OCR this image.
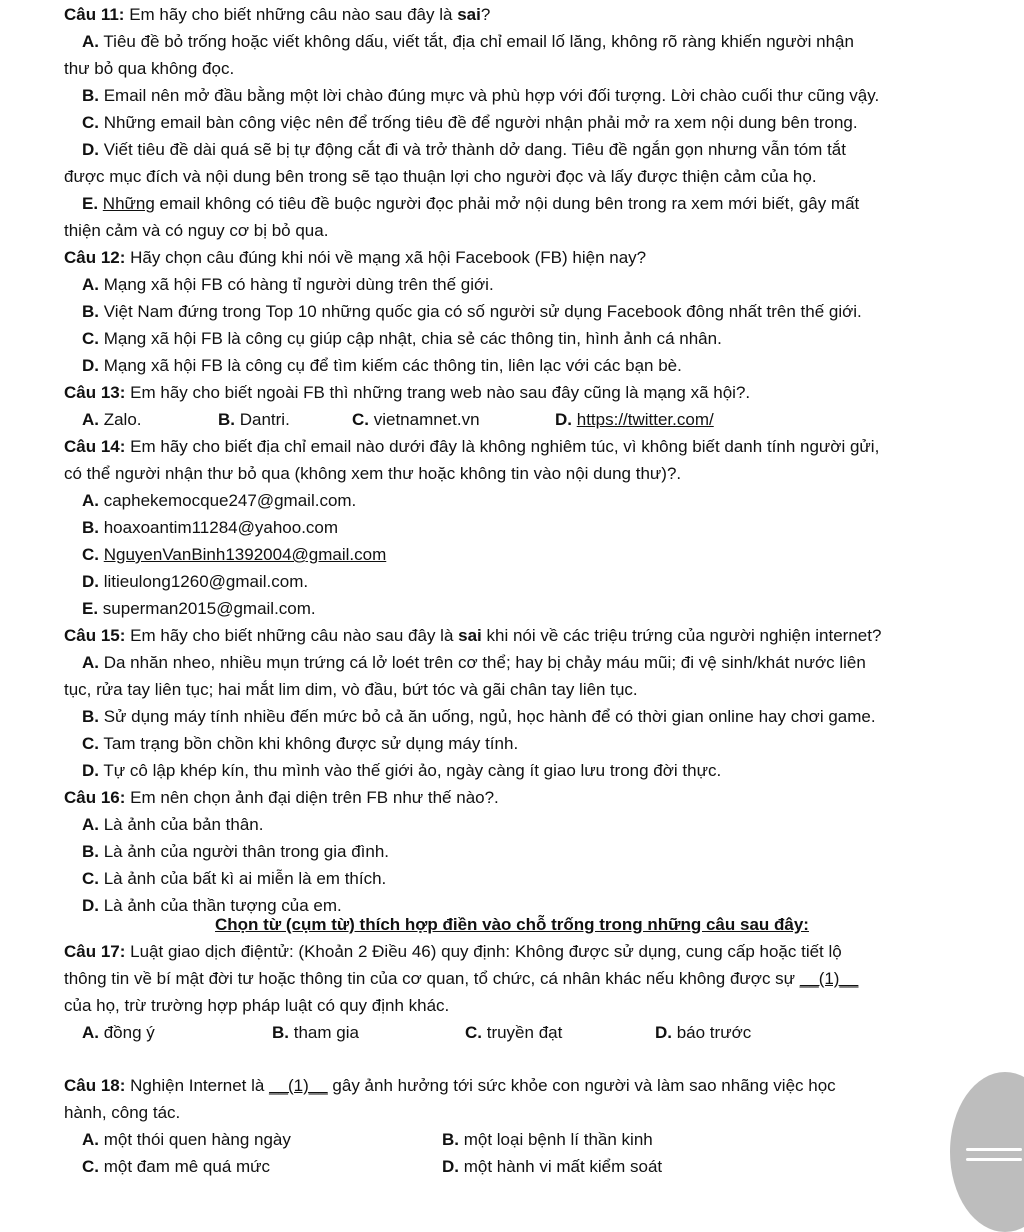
Câu 11: Em hãy cho biết những câu nào sau đây là sai?
A. Tiêu đề bỏ trống hoặc viết không dấu, viết tắt, địa chỉ email lố lăng, không rõ ràng khiến người nhận
thư bỏ qua không đọc.
B. Email nên mở đầu bằng một lời chào đúng mực và phù hợp với đối tượng. Lời chào cuối thư cũng vậy.
C. Những email bàn công việc nên để trống tiêu đề để người nhận phải mở ra xem nội dung bên trong.
D. Viết tiêu đề dài quá sẽ bị tự động cắt đi và trở thành dở dang. Tiêu đề ngắn gọn nhưng vẫn tóm tắt
được mục đích và nội dung bên trong sẽ tạo thuận lợi cho người đọc và lấy được thiện cảm của họ.
E. Những email không có tiêu đề buộc người đọc phải mở nội dung bên trong ra xem mới biết, gây mất
thiện cảm và có nguy cơ bị bỏ qua.
Câu 12: Hãy chọn câu đúng khi nói về mạng xã hội Facebook (FB) hiện nay?
A. Mạng xã hội FB có hàng tỉ người dùng trên thế giới.
B. Việt Nam đứng trong Top 10 những quốc gia có số người sử dụng Facebook đông nhất trên thế giới.
C. Mạng xã hội FB là công cụ giúp cập nhật, chia sẻ các thông tin, hình ảnh cá nhân.
D. Mạng xã hội FB là công cụ để tìm kiếm các thông tin, liên lạc với các bạn bè.
Câu 13: Em hãy cho biết ngoài FB thì những trang web nào sau đây cũng là mạng xã hội?.
A. Zalo.	B. Dantri.	C. vietnamnet.vn	D. https://twitter.com/
Câu 14: Em hãy cho biết địa chỉ email nào dưới đây là không nghiêm túc, vì không biết danh tính người gửi,
có thể người nhận thư bỏ qua (không xem thư hoặc không tin vào nội dung thư)?.
A. caphekemocque247@gmail.com.
B. hoaxoantim11284@yahoo.com
C. NguyenVanBinh1392004@gmail.com
D. litieulong1260@gmail.com.
E. superman2015@gmail.com.
Câu 15: Em hãy cho biết những câu nào sau đây là sai khi nói về các triệu trứng của người nghiện internet?
A. Da nhăn nheo, nhiều mụn trứng cá lở loét trên cơ thể; hay bị chảy máu mũi; đi vệ sinh/khát nước liên
tục, rửa tay liên tục; hai mắt lim dim, vò đầu, bứt tóc và gãi chân tay liên tục.
B. Sử dụng máy tính nhiều đến mức bỏ cả ăn uống, ngủ, học hành để có thời gian online hay chơi game.
C. Tam trạng bồn chồn khi không được sử dụng máy tính.
D. Tự cô lập khép kín, thu mình vào thế giới ảo, ngày càng ít giao lưu trong đời thực.
Câu 16: Em nên chọn ảnh đại diện trên FB như thế nào?.
A. Là ảnh của bản thân.
B. Là ảnh của người thân trong gia đình.
C. Là ảnh của bất kì ai miễn là em thích.
D. Là ảnh của thần tượng của em.
Chọn từ (cụm từ) thích hợp điền vào chỗ trống trong những câu sau đây:
Câu 17: Luật giao dịch điệntử: (Khoản 2 Điều 46) quy định: Không được sử dụng, cung cấp hoặc tiết lộ
thông tin về bí mật đời tư hoặc thông tin của cơ quan, tổ chức, cá nhân khác nếu không được sự __(1)__
của họ, trừ trường hợp pháp luật có quy định khác.
A. đồng ý	B. tham gia	C. truyền đạt	D. báo trước
Câu 18: Nghiện Internet là __(1)__ gây ảnh hưởng tới sức khỏe con người và làm sao nhãng việc học
hành, công tác.
A. một thói quen hàng ngày	B. một loại bệnh lí thần kinh
C. một đam mê quá mức	D. một hành vi mất kiểm soát
